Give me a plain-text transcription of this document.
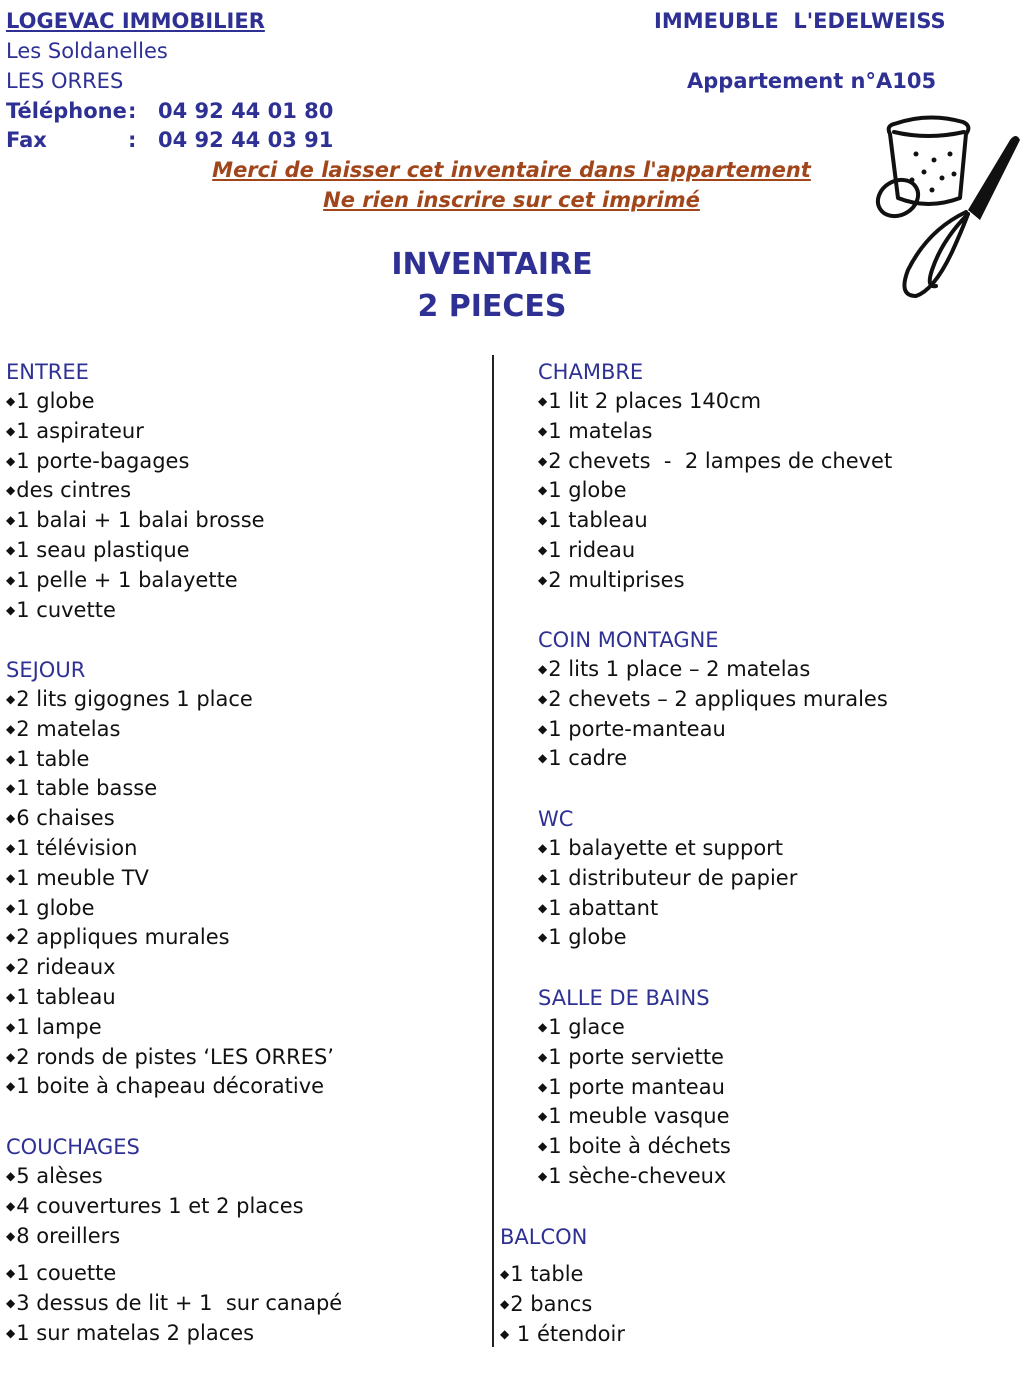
LOGEVAC IMMOBILIER
Les Soldanelles
LES ORRES
Téléphone : 04 92 44 01 80
Fax	: 04 92 44 03 91
IMMEUBLE  L'EDELWEISS
Appartement n°A105
Merci de laisser cet inventaire dans l'appartement
Ne rien inscrire sur cet imprimé
INVENTAIRE
2 PIECES
ENTREE
◆1 globe
◆1 aspirateur
◆1 porte-bagages
◆des cintres
◆1 balai + 1 balai brosse
◆1 seau plastique
◆1 pelle + 1 balayette
◆1 cuvette
SEJOUR
◆2 lits gigognes 1 place
◆2 matelas
◆1 table
◆1 table basse
◆6 chaises
◆1 télévision
◆1 meuble TV
◆1 globe
◆2 appliques murales
◆2 rideaux
◆1 tableau
◆1 lampe
◆2 ronds de pistes ‘LES ORRES’
◆1 boite à chapeau décorative
COUCHAGES
◆5 alèses
◆4 couvertures 1 et 2 places
◆8 oreillers
◆1 couette
◆3 dessus de lit + 1  sur canapé
◆1 sur matelas 2 places
CHAMBRE
◆1 lit 2 places 140cm
◆1 matelas
◆2 chevets  -  2 lampes de chevet
◆1 globe
◆1 tableau
◆1 rideau
◆2 multiprises
COIN MONTAGNE
◆2 lits 1 place – 2 matelas
◆2 chevets – 2 appliques murales
◆1 porte-manteau
◆1 cadre
WC
◆1 balayette et support
◆1 distributeur de papier
◆1 abattant
◆1 globe
SALLE DE BAINS
◆1 glace
◆1 porte serviette
◆1 porte manteau
◆1 meuble vasque
◆1 boite à déchets
◆1 sèche-cheveux
BALCON
◆1 table
◆2 bancs
◆ 1 étendoir
